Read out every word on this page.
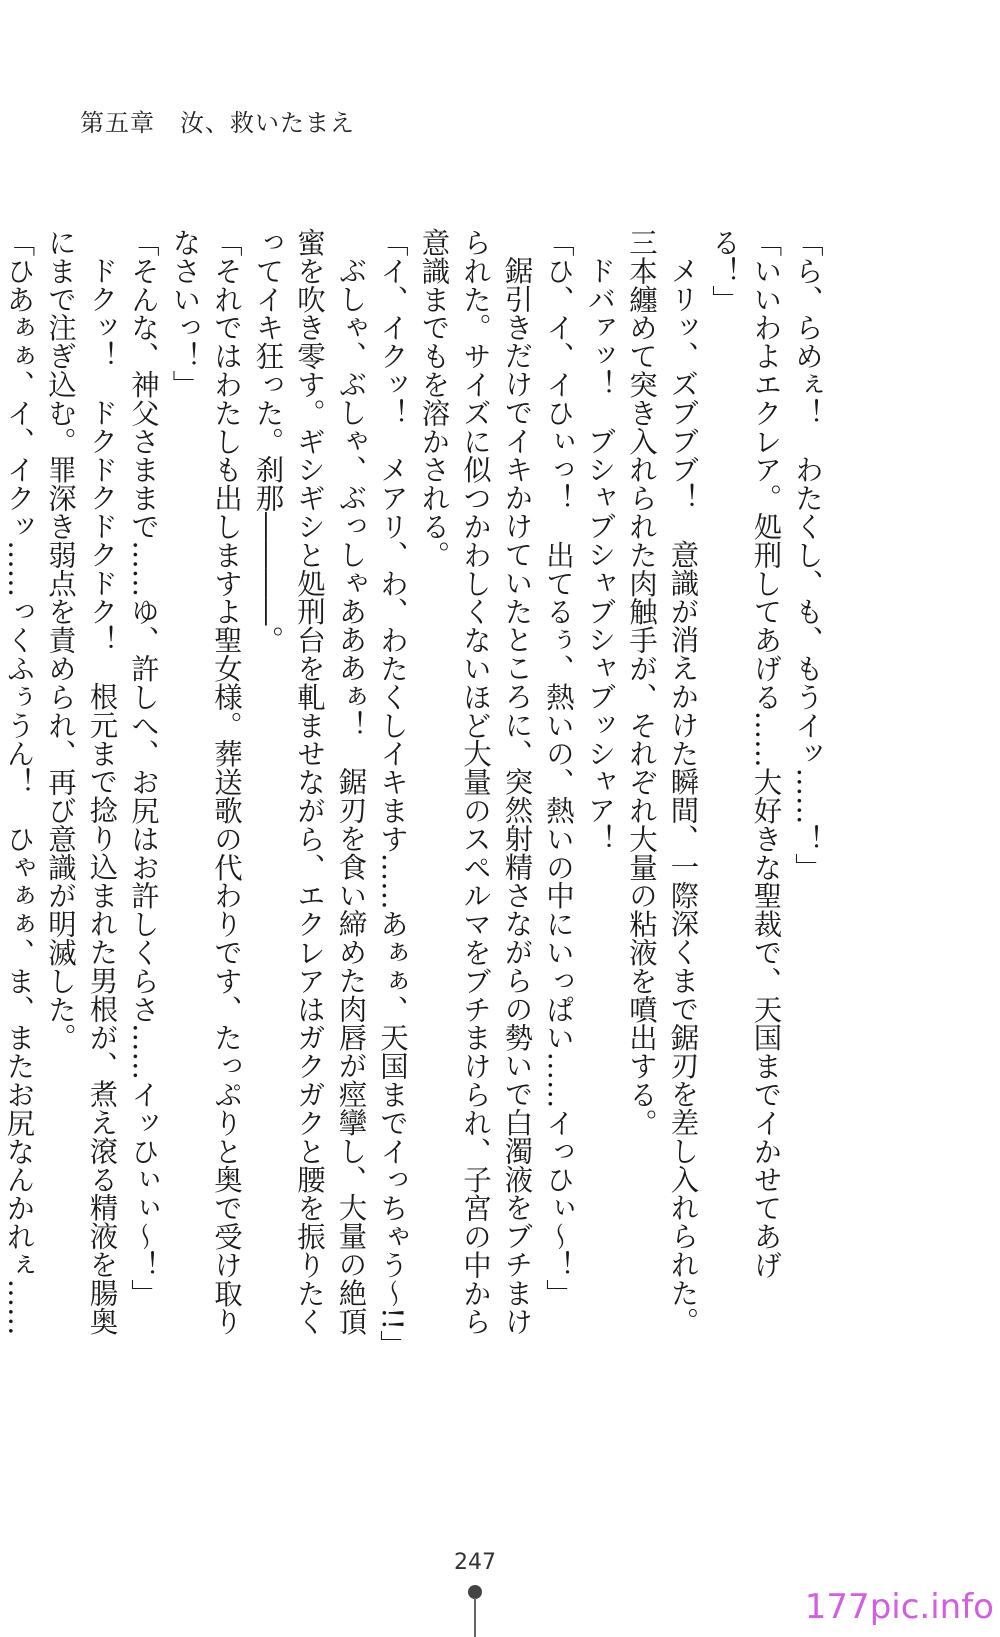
第五章　汝、救いたまえ

「ら、らめぇ！　わたくし、も、もうイッ……！」

「いいわよエクレア。処刑してあげる……大好きな聖裁で、天国までイかせてあげる！」

メリッ、ズブブブ！　意識が消えかけた瞬間、一際深くまで鋸刃を差し入れられた。三本纏めて突き入れられた肉触手が、それぞれ大量の粘液を噴出する。

ドバァッ！　ブシャブシャブシャブッシャア！

「ひ、イ、イひぃっ！　出てるぅ、熱いの、熱いの中にいっぱい……イっひぃ〜！」

鋸引きだけでイキかけていたところに、突然射精さながらの勢いで白濁液をブチまけられた。サイズに似つかわしくないほど大量のスペルマをブチまけられ、子宮の中から意識までもを溶かされる。

「イ、イクッ！　メアリ、わ、わたくしイキます……あぁぁ、天国までイっちゃう〜!!」

ぶしゃ、ぶしゃ、ぶっしゃあああぁ！　鋸刃を食い締めた肉唇が痙攣し、大量の絶頂蜜を吹き零す。ギシギシと処刑台を軋ませながら、エクレアはガクガクと腰を振りたくってイキ狂った。刹那――――。

「それではわたしも出しますよ聖女様。葬送歌の代わりです、たっぷりと奥で受け取りなさいっ！」

「そんな、神父さままで……ゆ、許しへ、お尻はお許しくらさ……イッひぃぃ〜！」

ドクッ！　ドクドクドクドク！　根元まで捻り込まれた男根が、煮え滾る精液を腸奥にまで注ぎ込む。罪深き弱点を責められ、再び意識が明滅した。

「ひあぁぁ、イ、イクッ……っくふぅうん！　ひゃぁぁ、ま、またお尻なんかれぇ……

247
177pic.info
